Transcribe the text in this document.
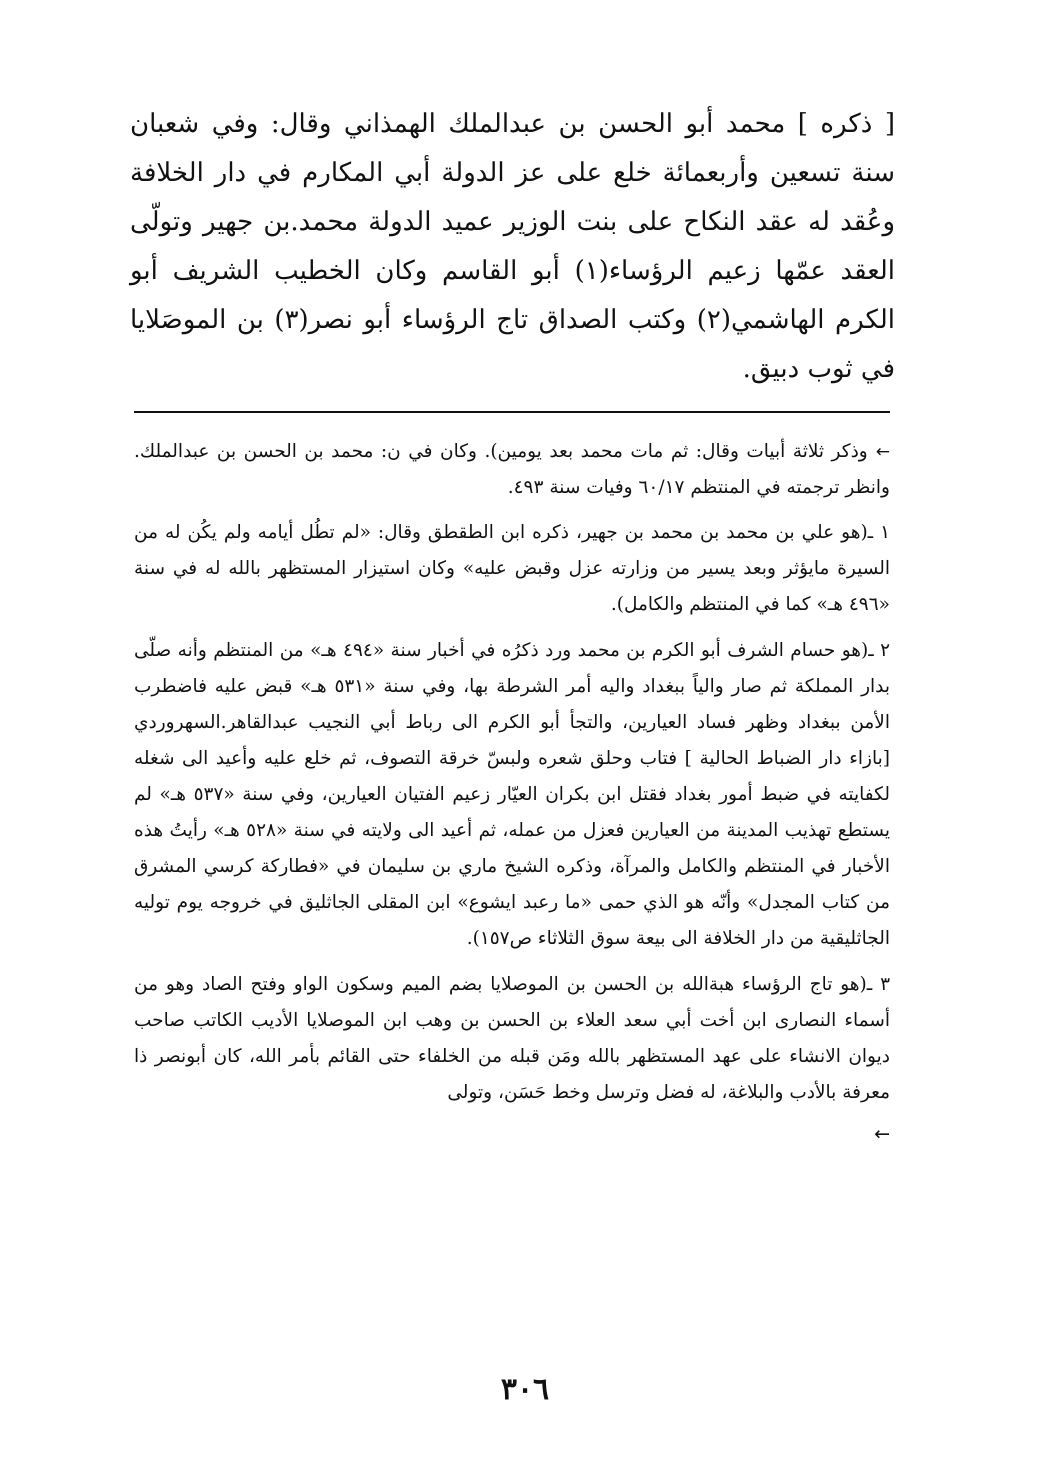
[ ذكره ] محمد أبو الحسن بن عبدالملك الهمذاني وقال: وفي شعبان سنة تسعين وأربعمائة خلع على عز الدولة أبي المكارم في دار الخلافة وعُقد له عقد النكاح على بنت الوزير عميد الدولة محمد.بن جهير وتولّى العقد عمّها زعيم الرؤساء(١) أبو القاسم وكان الخطيب الشريف أبو الكرم الهاشمي(٢) وكتب الصداق تاج الرؤساء أبو نصر(٣) بن الموصَلايا في ثوب دبيق.

←وذكر ثلاثة أبيات وقال: ثم مات محمد بعد يومين). وكان في ن: محمد بن الحسن بن عبدالملك. وانظر ترجمته في المنتظم ٦٠/١٧ وفيات سنة ٤٩٣.

١ ـ(هو علي بن محمد بن محمد بن جهير، ذكره ابن الطقطق وقال: «لم تطُل أيامه ولم يكُن له من السيرة مايؤثر وبعد يسير من وزارته عزل وقبض عليه» وكان استيزار المستظهر بالله له في سنة «٤٩٦ هـ» كما في المنتظم والكامل).

٢ ـ(هو حسام الشرف أبو الكرم بن محمد ورد ذكرُه في أخبار سنة «٤٩٤ هـ» من المنتظم وأنه صلّى بدار المملكة ثم صار والياً ببغداد واليه أمر الشرطة بها، وفي سنة «٥٣١ هـ» قبض عليه فاضطرب الأمن ببغداد وظهر فساد العيارين، والتجأ أبو الكرم الى رباط أبي النجيب عبدالقاهر.السهروردي [بازاء دار الضباط الحالية ] فتاب وحلق شعره ولبسّ خرقة التصوف، ثم خلع عليه وأعيد الى شغله لكفايته في ضبط أمور بغداد فقتل ابن بكران العيّار زعيم الفتيان العيارين، وفي سنة «٥٣٧ هـ» لم يستطع تهذيب المدينة من العيارين فعزل من عمله، ثم أعيد الى ولايته في سنة «٥٢٨ هـ» رأيتُ هذه الأخبار في المنتظم والكامل والمرآة، وذكره الشيخ ماري بن سليمان في «فطاركة كرسي المشرق من كتاب المجدل» وأنّه هو الذي حمى «ما رعبد ايشوع» ابن المقلى الجاثليق في خروجه يوم توليه الجاثليقية من دار الخلافة الى بيعة سوق الثلاثاء ص١٥٧).

٣ ـ(هو تاج الرؤساء هبةالله بن الحسن بن الموصلايا بضم الميم وسكون الواو وفتح الصاد وهو من أسماء النصارى ابن أخت أبي سعد العلاء بن الحسن بن وهب ابن الموصلايا الأديب الكاتب صاحب ديوان الانشاء على عهد المستظهر بالله ومَن قبله من الخلفاء حتى القائم بأمر الله، كان أبونصر ذا معرفة بالأدب والبلاغة، له فضل وترسل وخط حَسَن، وتولى

←

٣٠٦
